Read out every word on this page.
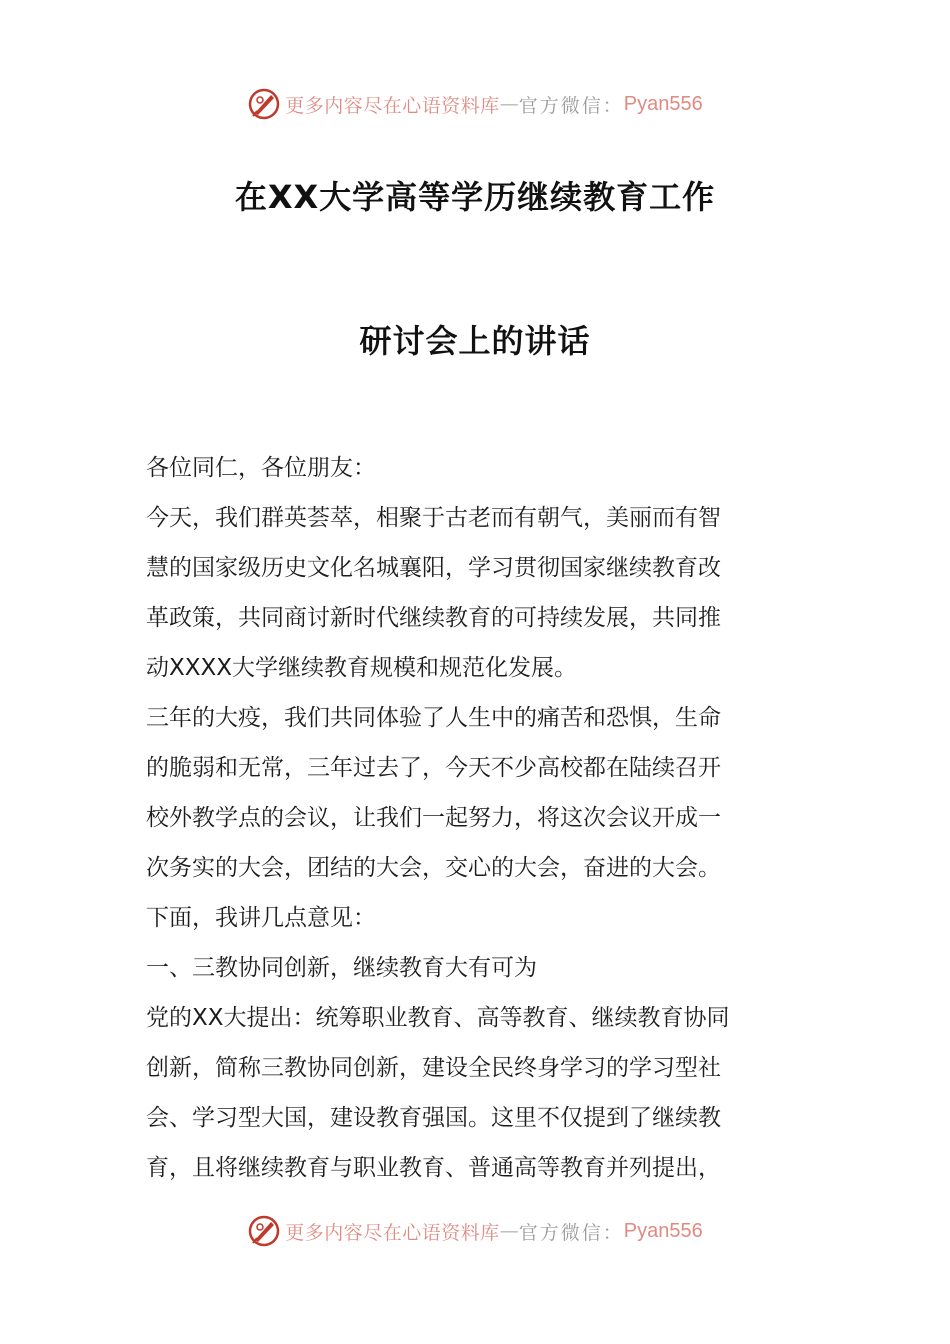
更多内容尽在心语资料库 — 官方微信： Pyan556
在XX大学高等学历继续教育工作
研讨会上的讲话
各位同仁，各位朋友：
今天，我们群英荟萃，相聚于古老而有朝气，美丽而有智
慧的国家级历史文化名城襄阳，学习贯彻国家继续教育改
革政策，共同商讨新时代继续教育的可持续发展，共同推
动XXXX大学继续教育规模和规范化发展。
三年的大疫，我们共同体验了人生中的痛苦和恐惧，生命
的脆弱和无常，三年过去了，今天不少高校都在陆续召开
校外教学点的会议，让我们一起努力，将这次会议开成一
次务实的大会，团结的大会，交心的大会，奋进的大会。
下面，我讲几点意见：
一、三教协同创新，继续教育大有可为
党的XX大提出：统筹职业教育、高等教育、继续教育协同
创新，简称三教协同创新，建设全民终身学习的学习型社
会、学习型大国，建设教育强国。这里不仅提到了继续教
育，且将继续教育与职业教育、普通高等教育并列提出，
更多内容尽在心语资料库 — 官方微信： Pyan556
